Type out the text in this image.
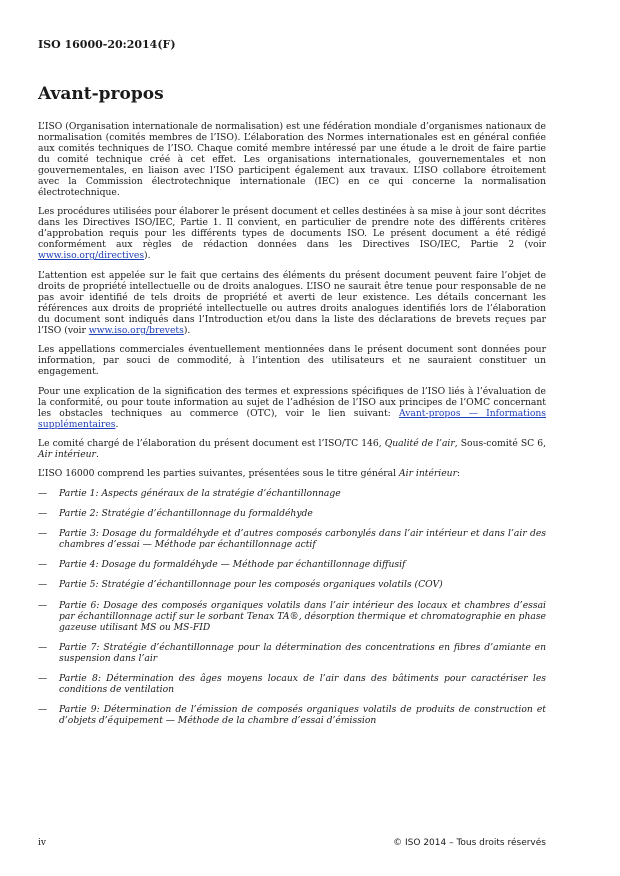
ISO 16000-20:2014(F)
Avant-propos

L’ISO (Organisation internationale de normalisation) est une fédération mondiale d’organismes nationaux de normalisation (comités membres de l’ISO). L’élaboration des Normes internationales est en général confiée aux comités techniques de l’ISO. Chaque comité membre intéressé par une étude a le droit de faire partie du comité technique créé à cet effet. Les organisations internationales, gouvernementales et non gouvernementales, en liaison avec l’ISO participent également aux travaux. L’ISO collabore étroitement avec la Commission électrotechnique internationale (IEC) en ce qui concerne la normalisation électrotechnique.

Les procédures utilisées pour élaborer le présent document et celles destinées à sa mise à jour sont décrites dans les Directives ISO/IEC, Partie 1. Il convient, en particulier de prendre note des différents critères d’approbation requis pour les différents types de documents ISO. Le présent document a été rédigé conformément aux règles de rédaction données dans les Directives ISO/IEC, Partie 2 (voir www.iso.org/directives).

L’attention est appelée sur le fait que certains des éléments du présent document peuvent faire l’objet de droits de propriété intellectuelle ou de droits analogues. L’ISO ne saurait être tenue pour responsable de ne pas avoir identifié de tels droits de propriété et averti de leur existence. Les détails concernant les références aux droits de propriété intellectuelle ou autres droits analogues identifiés lors de l’élaboration du document sont indiqués dans l’Introduction et/ou dans la liste des déclarations de brevets reçues par l’ISO (voir www.iso.org/brevets).

Les appellations commerciales éventuellement mentionnées dans le présent document sont données pour information, par souci de commodité, à l’intention des utilisateurs et ne sauraient constituer un engagement.

Pour une explication de la signification des termes et expressions spécifiques de l’ISO liés à l’évaluation de la conformité, ou pour toute information au sujet de l’adhésion de l’ISO aux principes de l’OMC concernant les obstacles techniques au commerce (OTC), voir le lien suivant: Avant-propos — Informations supplémentaires.

Le comité chargé de l’élaboration du présent document est l’ISO/TC 146, Qualité de l’air, Sous-comité SC 6, Air intérieur.

L’ISO 16000 comprend les parties suivantes, présentées sous le titre général Air intérieur:

— Partie 1: Aspects généraux de la stratégie d’échantillonnage
— Partie 2: Stratégie d’échantillonnage du formaldéhyde
— Partie 3: Dosage du formaldéhyde et d’autres composés carbonylés dans l’air intérieur et dans l’air des chambres d’essai — Méthode par échantillonnage actif
— Partie 4: Dosage du formaldéhyde — Méthode par échantillonnage diffusif
— Partie 5: Stratégie d’échantillonnage pour les composés organiques volatils (COV)
— Partie 6: Dosage des composés organiques volatils dans l’air intérieur des locaux et chambres d’essai par échantillonnage actif sur le sorbant Tenax TA®, désorption thermique et chromatographie en phase gazeuse utilisant MS ou MS-FID
— Partie 7: Stratégie d’échantillonnage pour la détermination des concentrations en fibres d’amiante en suspension dans l’air
— Partie 8: Détermination des âges moyens locaux de l’air dans des bâtiments pour caractériser les conditions de ventilation
— Partie 9: Détermination de l’émission de composés organiques volatils de produits de construction et d’objets d’équipement — Méthode de la chambre d’essai d’émission
iv	© ISO 2014 – Tous droits réservés
